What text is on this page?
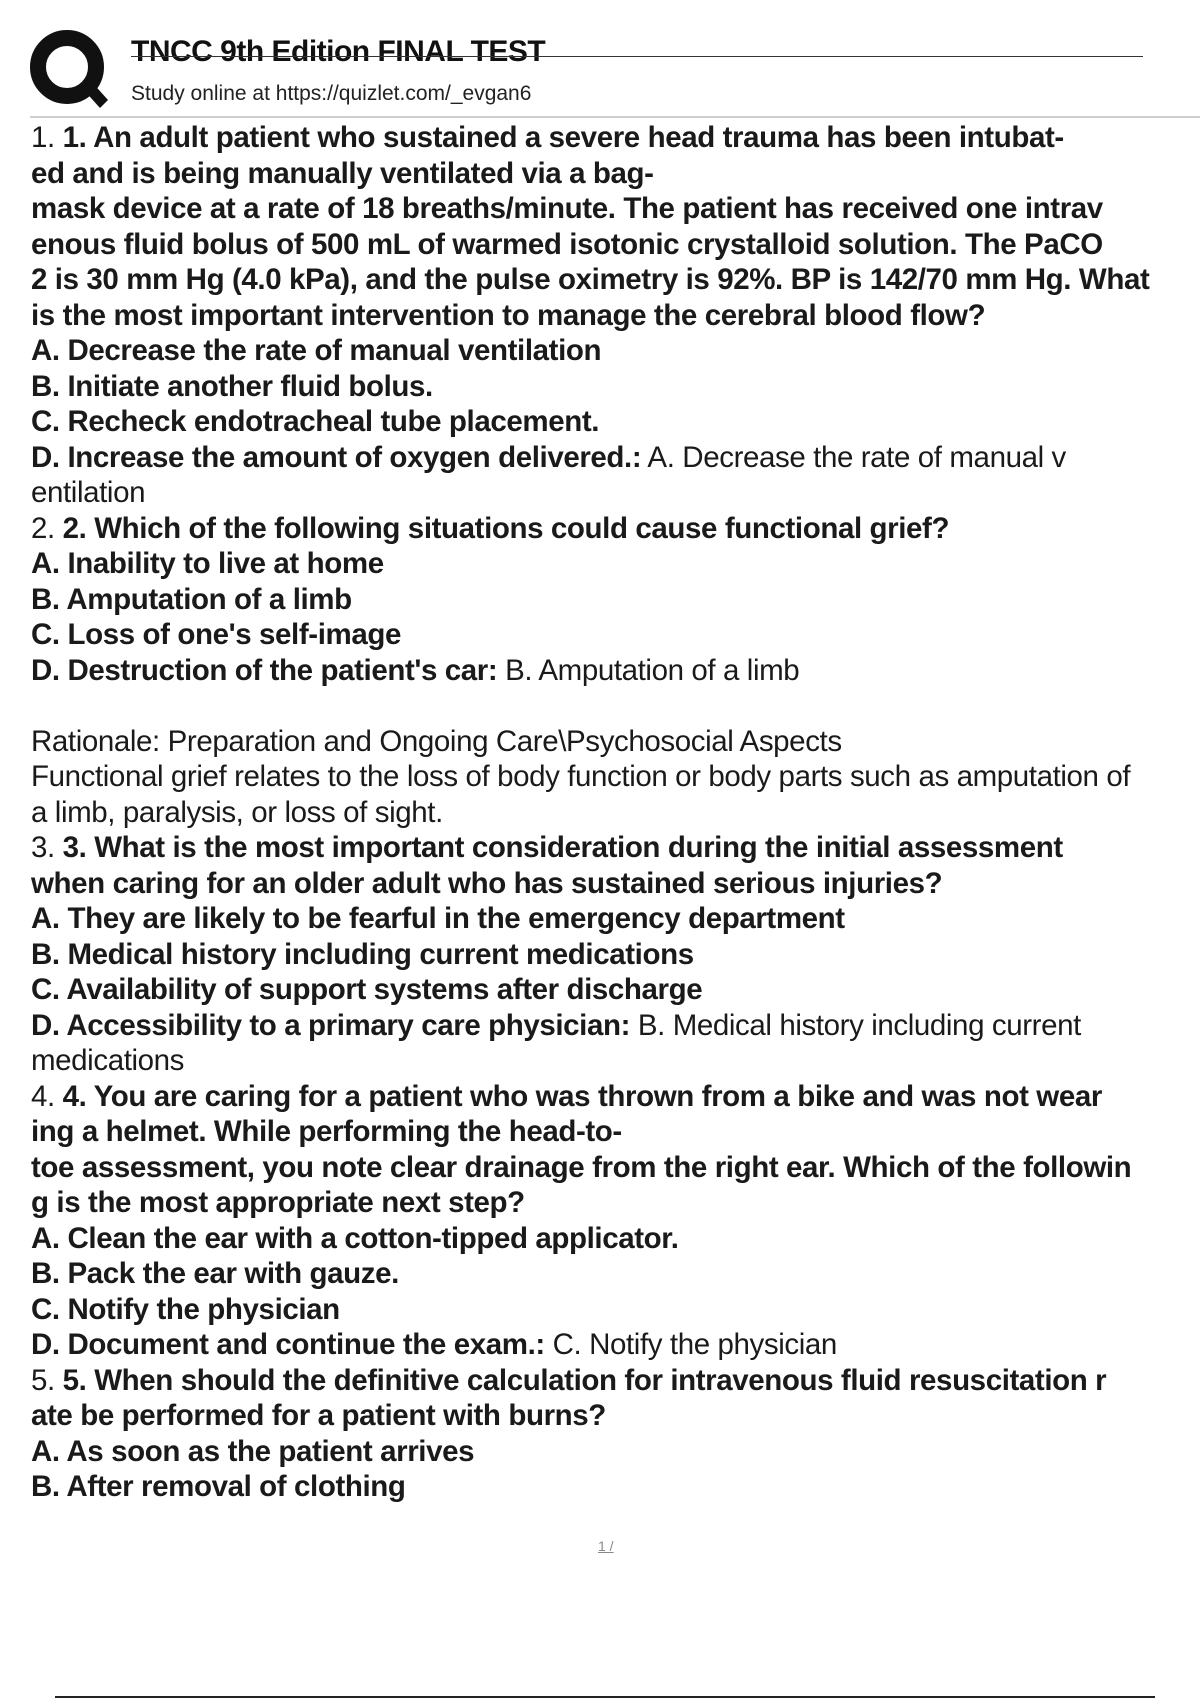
TNCC 9th Edition FINAL TEST
Study online at https://quizlet.com/_evgan6

1. 1. An adult patient who sustained a severe head trauma has been intubat-

ed and is being manually ventilated via a bag-

mask device at a rate of 18 breaths/minute. The patient has received one intrav

enous fluid bolus of 500 mL of warmed isotonic crystalloid solution. The PaCO

2 is 30 mm Hg (4.0 kPa), and the pulse oximetry is 92%. BP is 142/70 mm Hg. What

is the most important intervention to manage the cerebral blood flow?

A. Decrease the rate of manual ventilation

B. Initiate another fluid bolus.

C. Recheck endotracheal tube placement.

D. Increase the amount of oxygen delivered.: A. Decrease the rate of manual v

entilation

2. 2. Which of the following situations could cause functional grief?

A. Inability to live at home

B. Amputation of a limb

C. Loss of one's self-image

D. Destruction of the patient's car: B. Amputation of a limb

Rationale: Preparation and Ongoing Care\Psychosocial Aspects

Functional grief relates to the loss of body function or body parts such as amputation of

a limb, paralysis, or loss of sight.

3. 3. What is the most important consideration during the initial assessment

when caring for an older adult who has sustained serious injuries?

A. They are likely to be fearful in the emergency department

B. Medical history including current medications

C. Availability of support systems after discharge

D. Accessibility to a primary care physician: B. Medical history including current

medications

4. 4. You are caring for a patient who was thrown from a bike and was not wear

ing a helmet. While performing the head-to-

toe assessment, you note clear drainage from the right ear. Which of the followin

g is the most appropriate next step?

A. Clean the ear with a cotton-tipped applicator.

B. Pack the ear with gauze.

C. Notify the physician

D. Document and continue the exam.: C. Notify the physician

5. 5. When should the definitive calculation for intravenous fluid resuscitation r

ate be performed for a patient with burns?

A. As soon as the patient arrives

B. After removal of clothing

1 /
